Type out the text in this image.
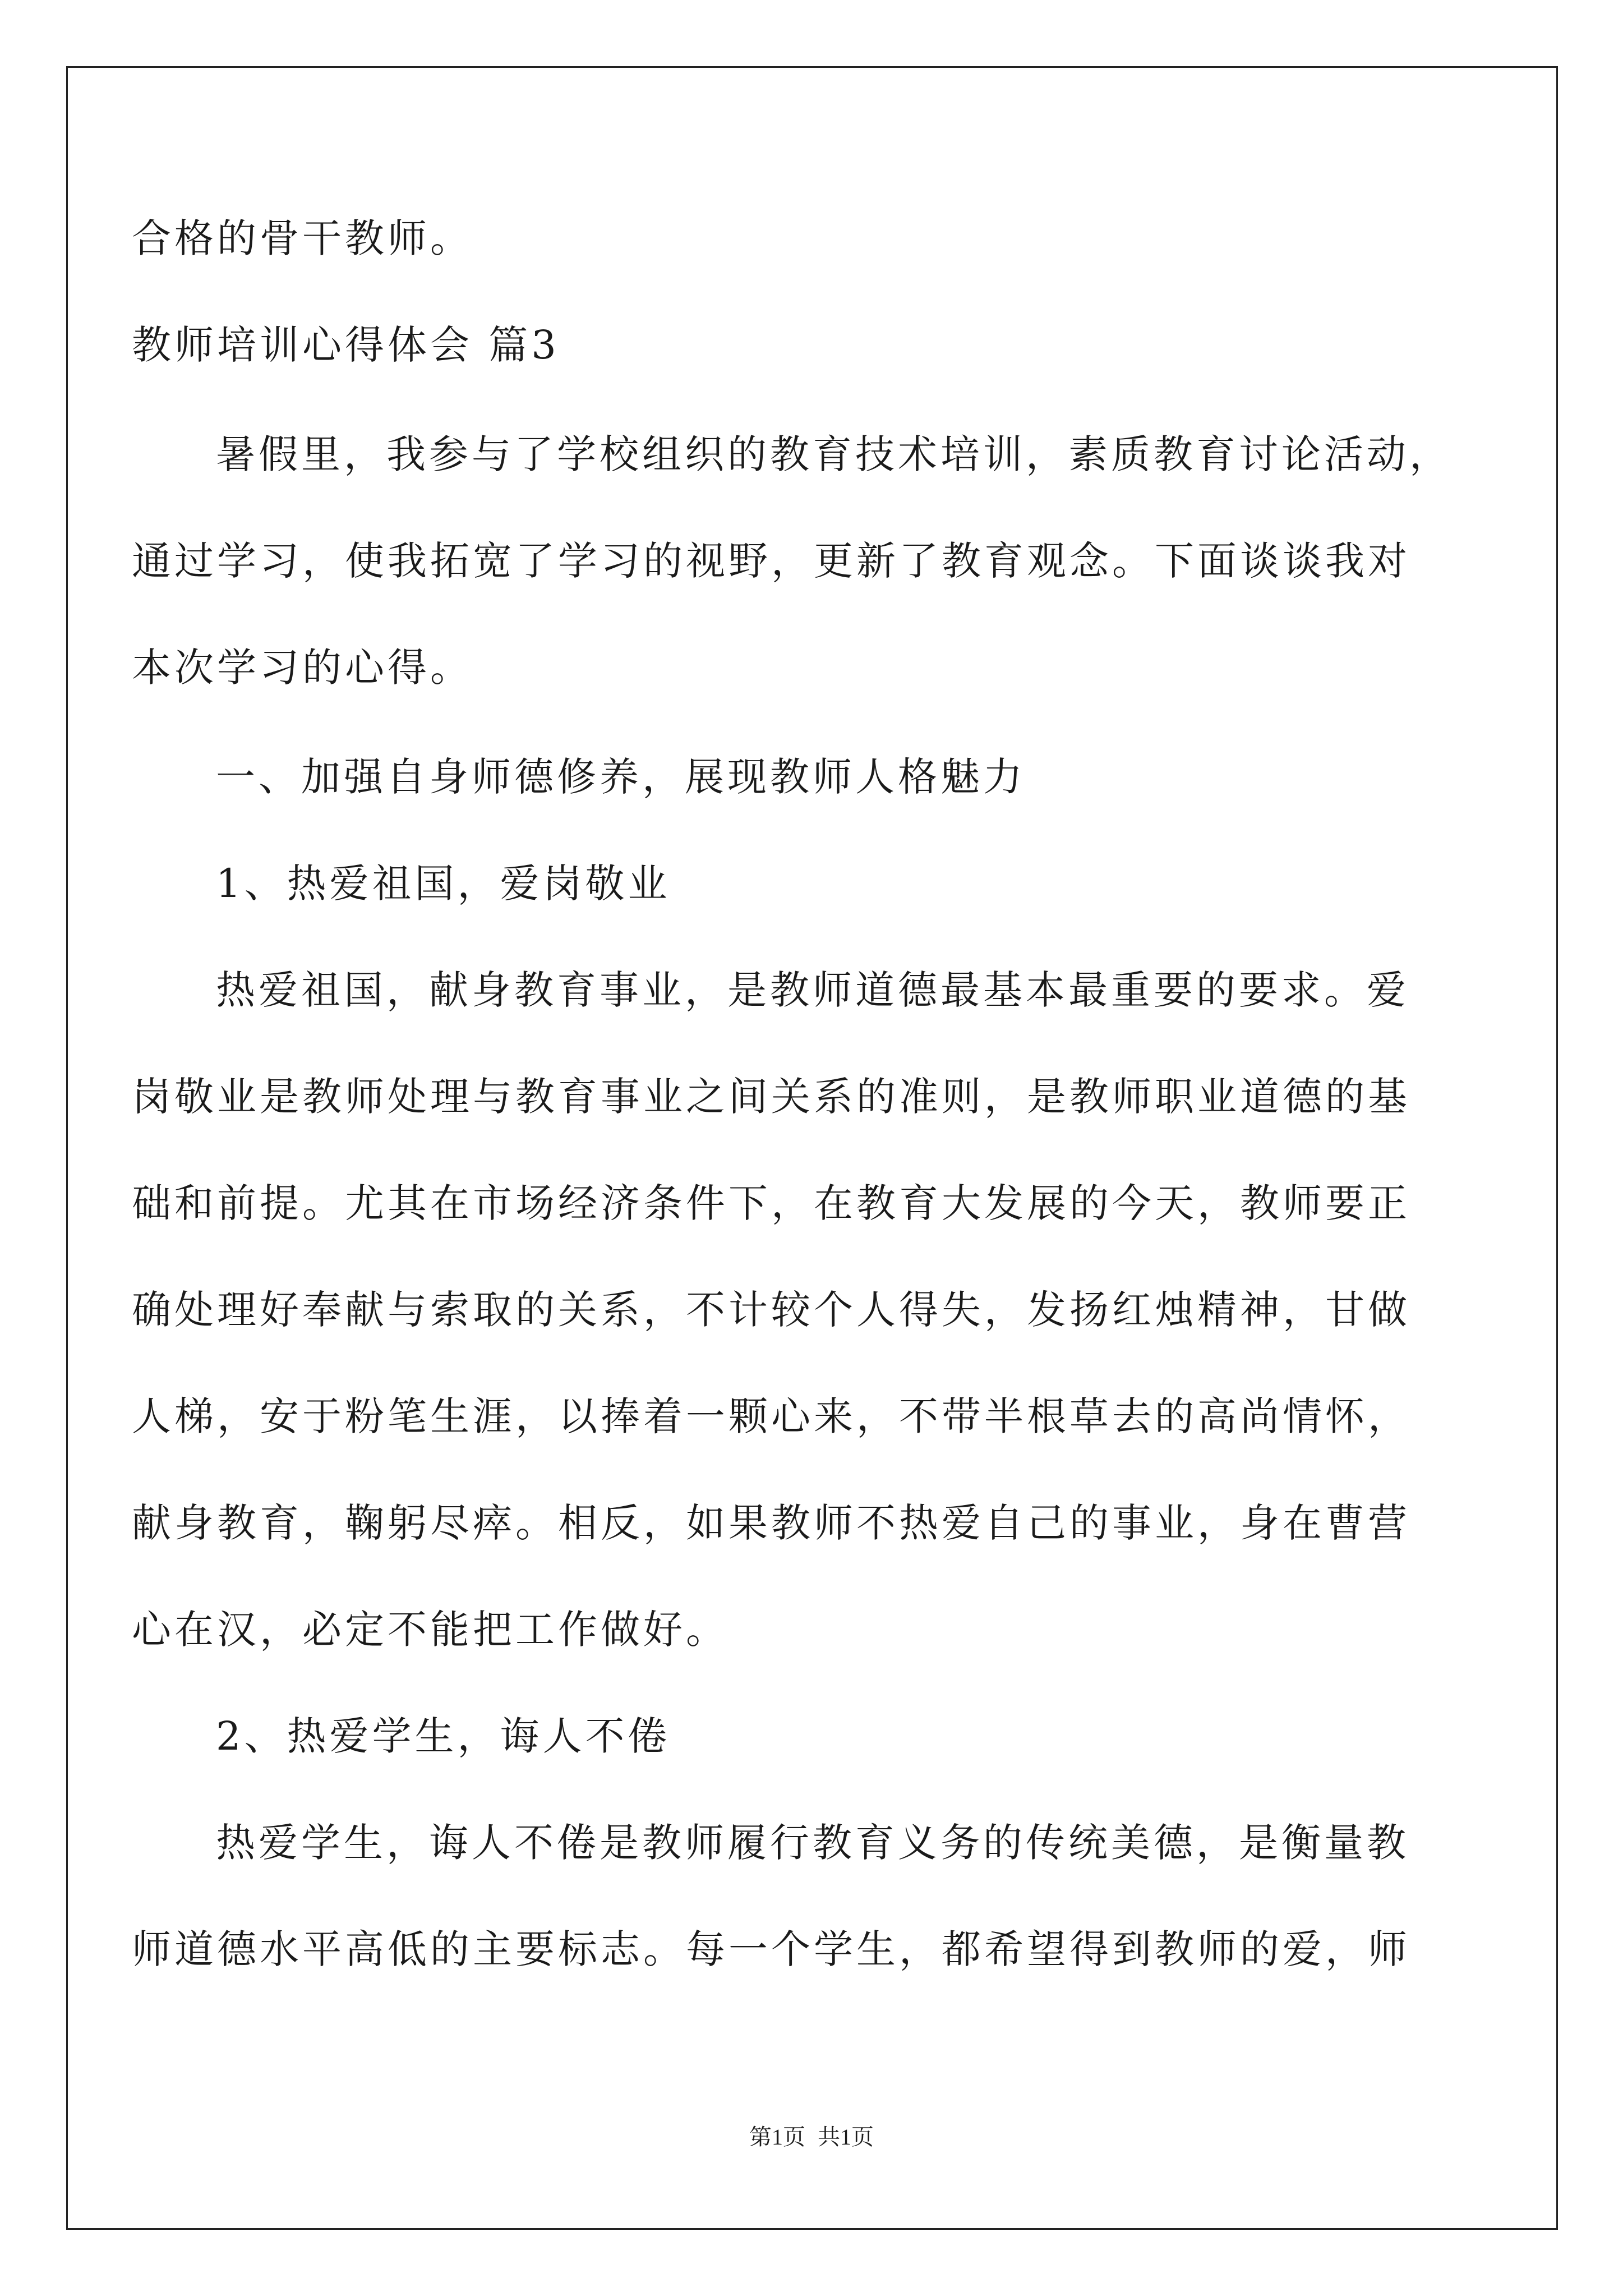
合格的骨干教师。
教师培训心得体会 篇3
暑假里，我参与了学校组织的教育技术培训，素质教育讨论活动，
通过学习，使我拓宽了学习的视野，更新了教育观念。下面谈谈我对
本次学习的心得。
一、加强自身师德修养，展现教师人格魅力
1、热爱祖国，爱岗敬业
热爱祖国，献身教育事业，是教师道德最基本最重要的要求。爱
岗敬业是教师处理与教育事业之间关系的准则，是教师职业道德的基
础和前提。尤其在市场经济条件下，在教育大发展的今天，教师要正
确处理好奉献与索取的关系，不计较个人得失，发扬红烛精神，甘做
人梯，安于粉笔生涯，以捧着一颗心来，不带半根草去的高尚情怀，
献身教育，鞠躬尽瘁。相反，如果教师不热爱自己的事业，身在曹营
心在汉，必定不能把工作做好。
2、热爱学生，诲人不倦
热爱学生，诲人不倦是教师履行教育义务的传统美德，是衡量教
师道德水平高低的主要标志。每一个学生，都希望得到教师的爱，师
第1页 共1页
